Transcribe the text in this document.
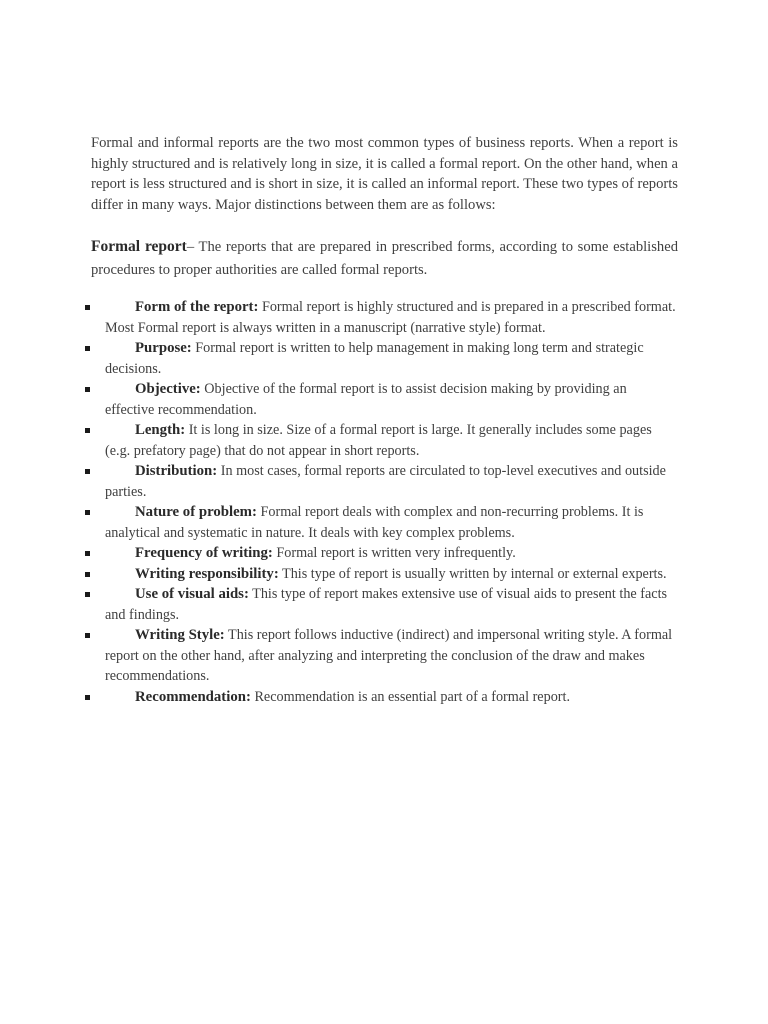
Formal and informal reports are the two most common types of business reports. When a report is highly structured and is relatively long in size, it is called a formal report. On the other hand, when a report is less structured and is short in size, it is called an informal report. These two types of reports differ in many ways. Major distinctions between them are as follows:

Formal report– The reports that are prepared in prescribed forms, according to some established procedures to proper authorities are called formal reports.

Form of the report: Formal report is highly structured and is prepared in a prescribed format. Most Formal report is always written in a manuscript (narrative style) format.
Purpose: Formal report is written to help management in making long term and strategic decisions.
Objective: Objective of the formal report is to assist decision making by providing an effective recommendation.
Length: It is long in size. Size of a formal report is large. It generally includes some pages (e.g. prefatory page) that do not appear in short reports.
Distribution: In most cases, formal reports are circulated to top-level executives and outside parties.
Nature of problem: Formal report deals with complex and non-recurring problems. It is analytical and systematic in nature. It deals with key complex problems.
Frequency of writing: Formal report is written very infrequently.
Writing responsibility: This type of report is usually written by internal or external experts.
Use of visual aids: This type of report makes extensive use of visual aids to present the facts and findings.
Writing Style: This report follows inductive (indirect) and impersonal writing style. A formal report on the other hand, after analyzing and interpreting the conclusion of the draw and makes recommendations.
Recommendation: Recommendation is an essential part of a formal report.
